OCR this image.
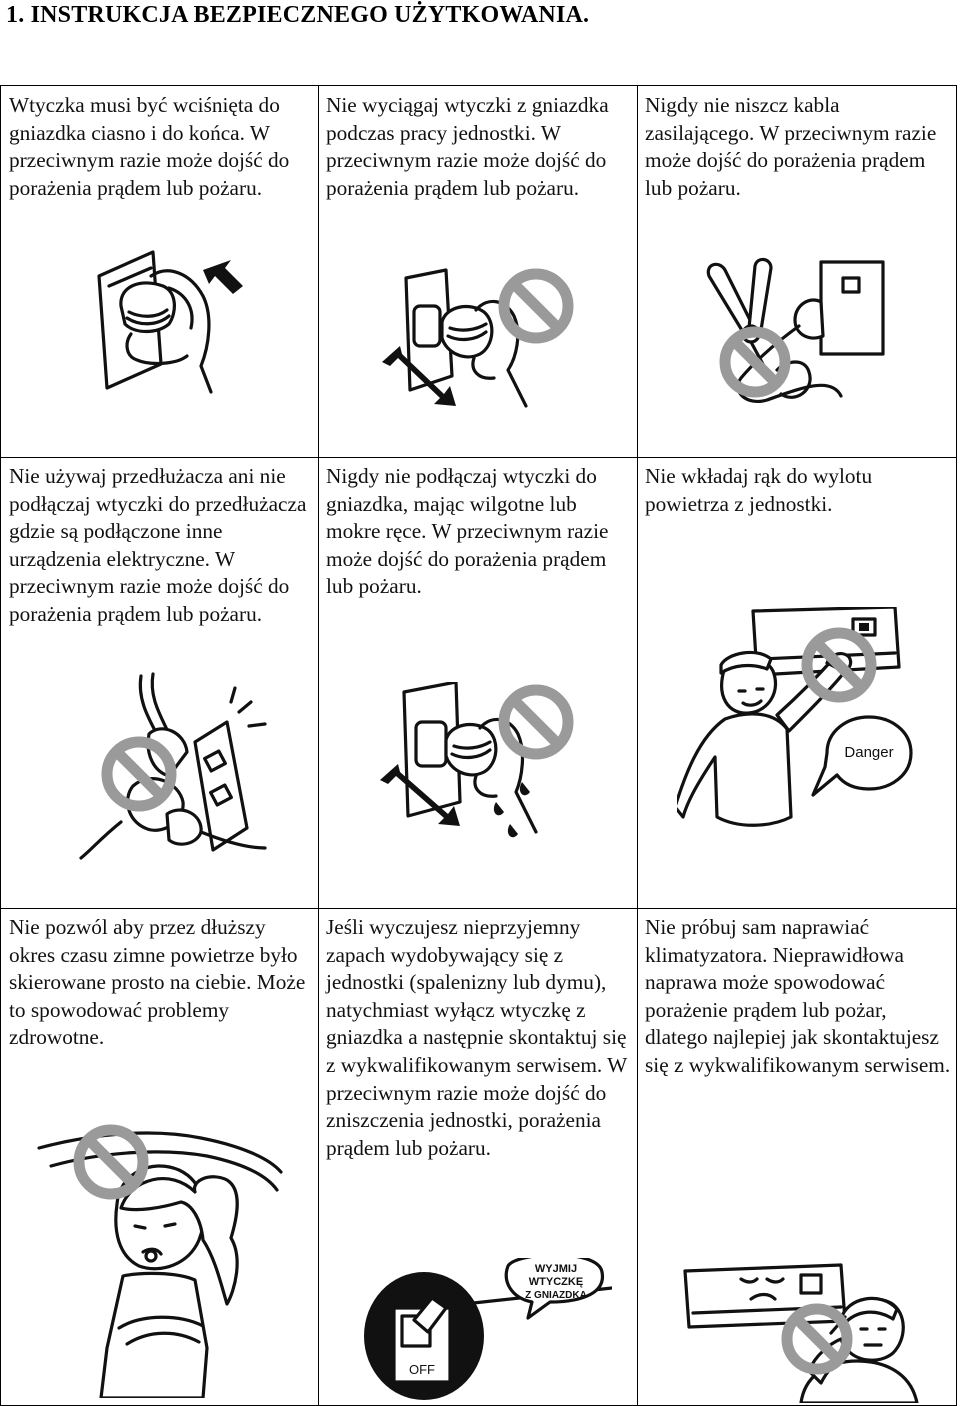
1. INSTRUKCJA BEZPIECZNEGO UŻYTKOWANIA.
Wtyczka musi być wciśnięta do gniazdka ciasno i do końca. W przeciwnym razie może dojść do porażenia prądem lub pożaru.
Nie wyciągaj wtyczki z gniazdka podczas pracy jednostki. W przeciwnym razie może dojść do porażenia prądem lub pożaru.
Nigdy nie niszcz kabla zasilającego. W przeciwnym razie może dojść do porażenia prądem lub pożaru.
Nie używaj przedłużacza ani nie podłączaj wtyczki do przedłużacza gdzie są podłączone inne urządzenia elektryczne. W przeciwnym razie może dojść do porażenia prądem lub pożaru.
Nigdy nie podłączaj wtyczki do gniazdka, mając wilgotne lub mokre ręce. W przeciwnym razie może dojść do porażenia prądem lub pożaru.
Nie wkładaj rąk do wylotu powietrza z jednostki.
Danger
Nie pozwól aby przez dłuższy okres czasu zimne powietrze było skierowane prosto na ciebie. Może to spowodować problemy zdrowotne.
Jeśli wyczujesz nieprzyjemny zapach wydobywający się z jednostki (spalenizny lub dymu), natychmiast wyłącz wtyczkę z gniazdka a następnie skontaktuj się z wykwalifikowanym serwisem. W przeciwnym razie może dojść do zniszczenia jednostki, porażenia prądem lub pożaru.
OFF
WYJMIJ
WTYCZKĘ
Z GNIAZDKA
Nie próbuj sam naprawiać klimatyzatora. Nieprawidłowa naprawa może spowodować porażenie prądem lub pożar, dlatego najlepiej jak skontaktujesz się z wykwalifikowanym serwisem.
